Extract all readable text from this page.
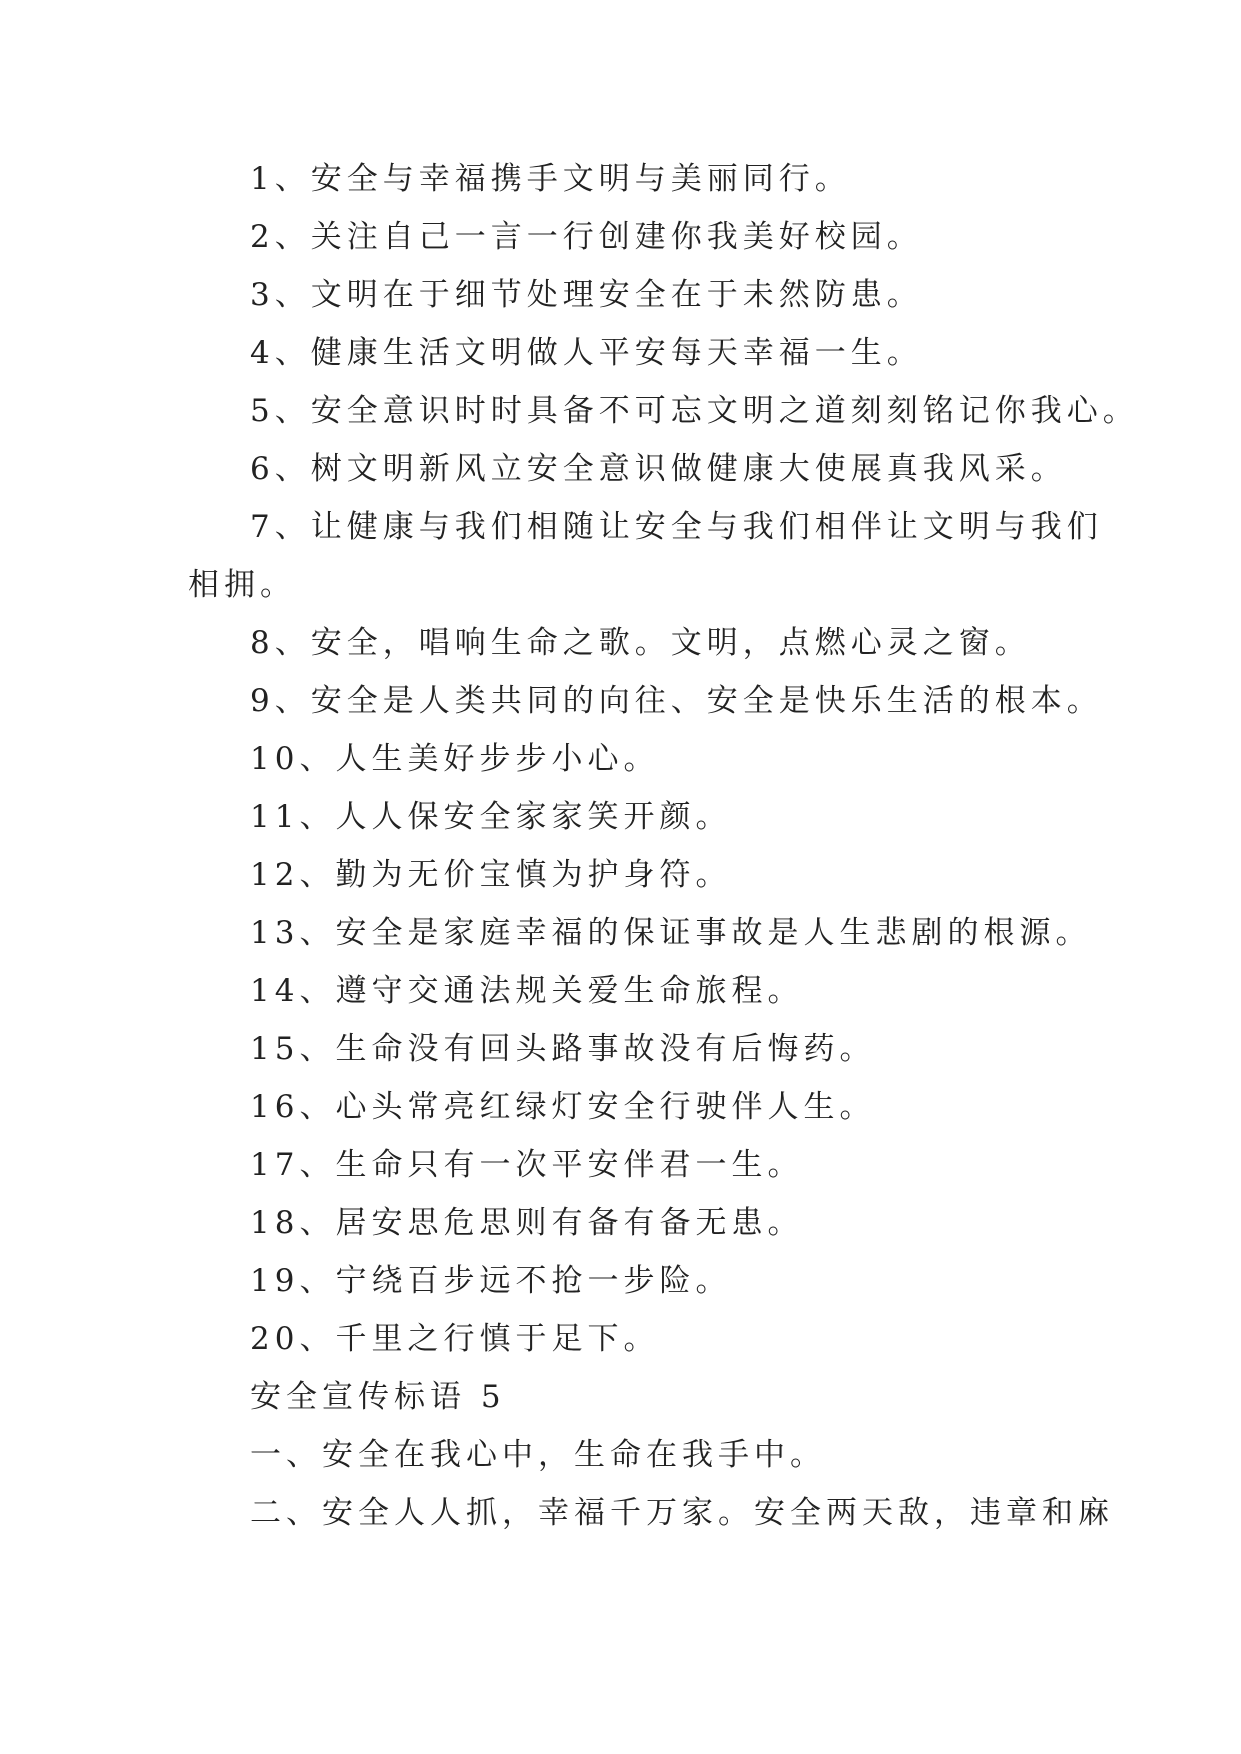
1、安全与幸福携手文明与美丽同行。
2、关注自己一言一行创建你我美好校园。
3、文明在于细节处理安全在于未然防患。
4、健康生活文明做人平安每天幸福一生。
5、安全意识时时具备不可忘文明之道刻刻铭记你我心。
6、树文明新风立安全意识做健康大使展真我风采。
7、让健康与我们相随让安全与我们相伴让文明与我们
相拥。
8、安全，唱响生命之歌。文明，点燃心灵之窗。
9、安全是人类共同的向往、安全是快乐生活的根本。
10、人生美好步步小心。
11、人人保安全家家笑开颜。
12、勤为无价宝慎为护身符。
13、安全是家庭幸福的保证事故是人生悲剧的根源。
14、遵守交通法规关爱生命旅程。
15、生命没有回头路事故没有后悔药。
16、心头常亮红绿灯安全行驶伴人生。
17、生命只有一次平安伴君一生。
18、居安思危思则有备有备无患。
19、宁绕百步远不抢一步险。
20、千里之行慎于足下。
安全宣传标语 5
一、安全在我心中，生命在我手中。
二、安全人人抓，幸福千万家。安全两天敌，违章和麻
